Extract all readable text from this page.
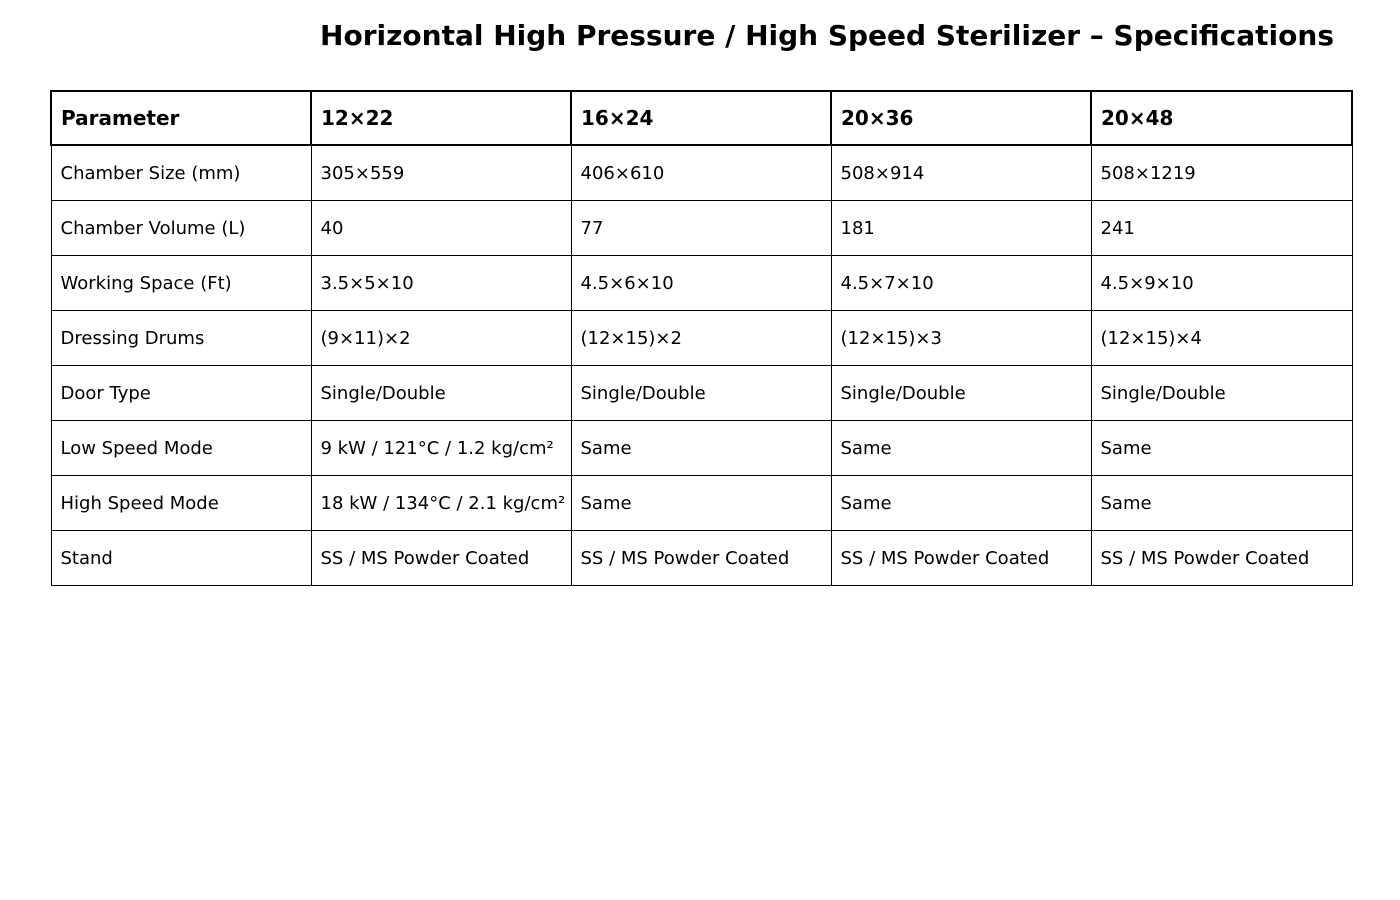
Horizontal High Pressure / High Speed Sterilizer – Specifications
Parameter	12×22	16×24	20×36	20×48
Chamber Size (mm)	305×559	406×610	508×914	508×1219
Chamber Volume (L)	40	77	181	241
Working Space (Ft)	3.5×5×10	4.5×6×10	4.5×7×10	4.5×9×10
Dressing Drums	(9×11)×2	(12×15)×2	(12×15)×3	(12×15)×4
Door Type	Single/Double	Single/Double	Single/Double	Single/Double
Low Speed Mode	9 kW / 121°C / 1.2 kg/cm²	Same	Same	Same
High Speed Mode	18 kW / 134°C / 2.1 kg/cm²	Same	Same	Same
Stand	SS / MS Powder Coated	SS / MS Powder Coated	SS / MS Powder Coated	SS / MS Powder Coated
